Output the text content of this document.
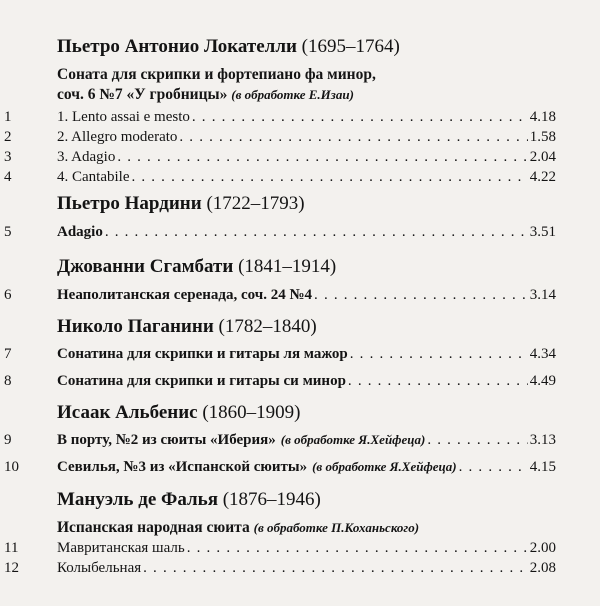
Пьетро Антонио Локателли (1695–1764)
Соната для скрипки и фортепиано фа минор,
соч. 6 №7 «У гробницы» (в обработке Е.Изаи)
1	1. Lento assai e mesto . . .	4.18
2	2. Allegro moderato . . .	1.58
3	3. Adagio . . .	2.04
4	4. Cantabile . . .	4.22
Пьетро Нардини (1722–1793)
5	Adagio . . .	3.51
Джованни Сгамбати (1841–1914)
6	Неаполитанская серенада, соч. 24 №4 . . .	3.14
Николо Паганини (1782–1840)
7	Сонатина для скрипки и гитары ля мажор . . .	4.34
8	Сонатина для скрипки и гитары си минор . . .	4.49
Исаак Альбенис (1860–1909)
9	В порту, №2 из сюиты «Иберия» (в обработке Я.Хейфеца) . . .	3.13
10	Севилья, №3 из «Испанской сюиты» (в обработке Я.Хейфеца) . . .	4.15
Мануэль де Фалья (1876–1946)
Испанская народная сюита (в обработке П.Коханьского)
11	Мавританская шаль . . .	2.00
12	Колыбельная . . .	2.08
